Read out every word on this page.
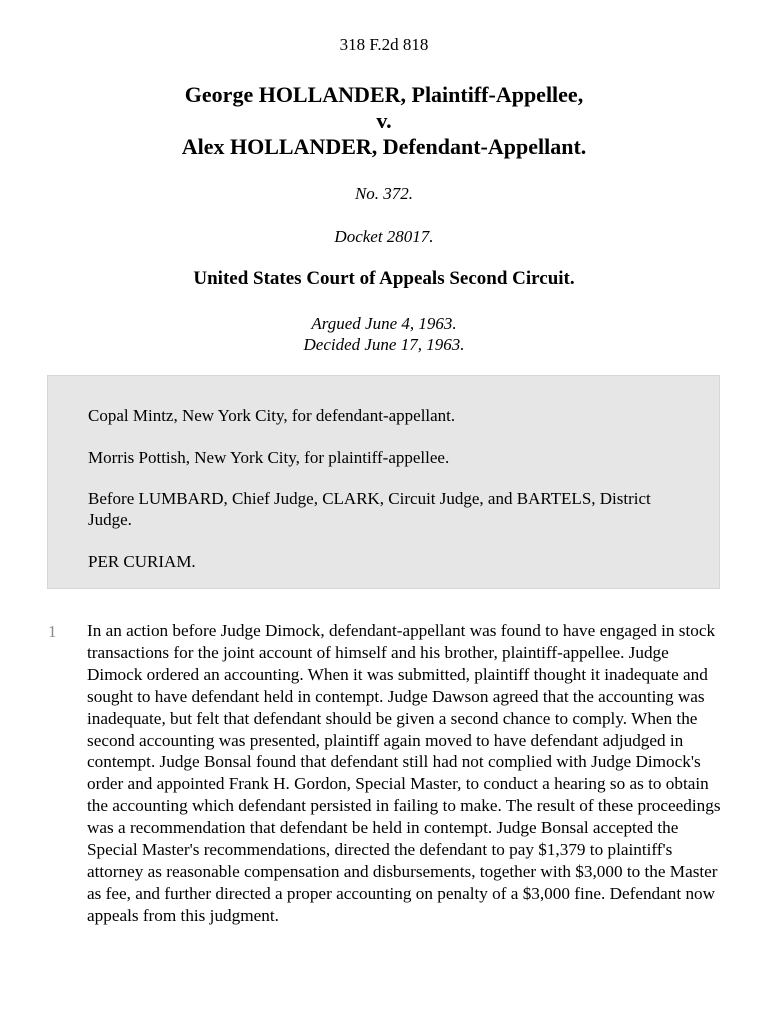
318 F.2d 818
George HOLLANDER, Plaintiff-Appellee,
v.
Alex HOLLANDER, Defendant-Appellant.
No. 372.
Docket 28017.
United States Court of Appeals Second Circuit.
Argued June 4, 1963.
Decided June 17, 1963.
Copal Mintz, New York City, for defendant-appellant.
Morris Pottish, New York City, for plaintiff-appellee.
Before LUMBARD, Chief Judge, CLARK, Circuit Judge, and BARTELS, District Judge.
PER CURIAM.
1 In an action before Judge Dimock, defendant-appellant was found to have engaged in stock transactions for the joint account of himself and his brother, plaintiff-appellee. Judge Dimock ordered an accounting. When it was submitted, plaintiff thought it inadequate and sought to have defendant held in contempt. Judge Dawson agreed that the accounting was inadequate, but felt that defendant should be given a second chance to comply. When the second accounting was presented, plaintiff again moved to have defendant adjudged in contempt. Judge Bonsal found that defendant still had not complied with Judge Dimock's order and appointed Frank H. Gordon, Special Master, to conduct a hearing so as to obtain the accounting which defendant persisted in failing to make. The result of these proceedings was a recommendation that defendant be held in contempt. Judge Bonsal accepted the Special Master's recommendations, directed the defendant to pay $1,379 to plaintiff's attorney as reasonable compensation and disbursements, together with $3,000 to the Master as fee, and further directed a proper accounting on penalty of a $3,000 fine. Defendant now appeals from this judgment.
